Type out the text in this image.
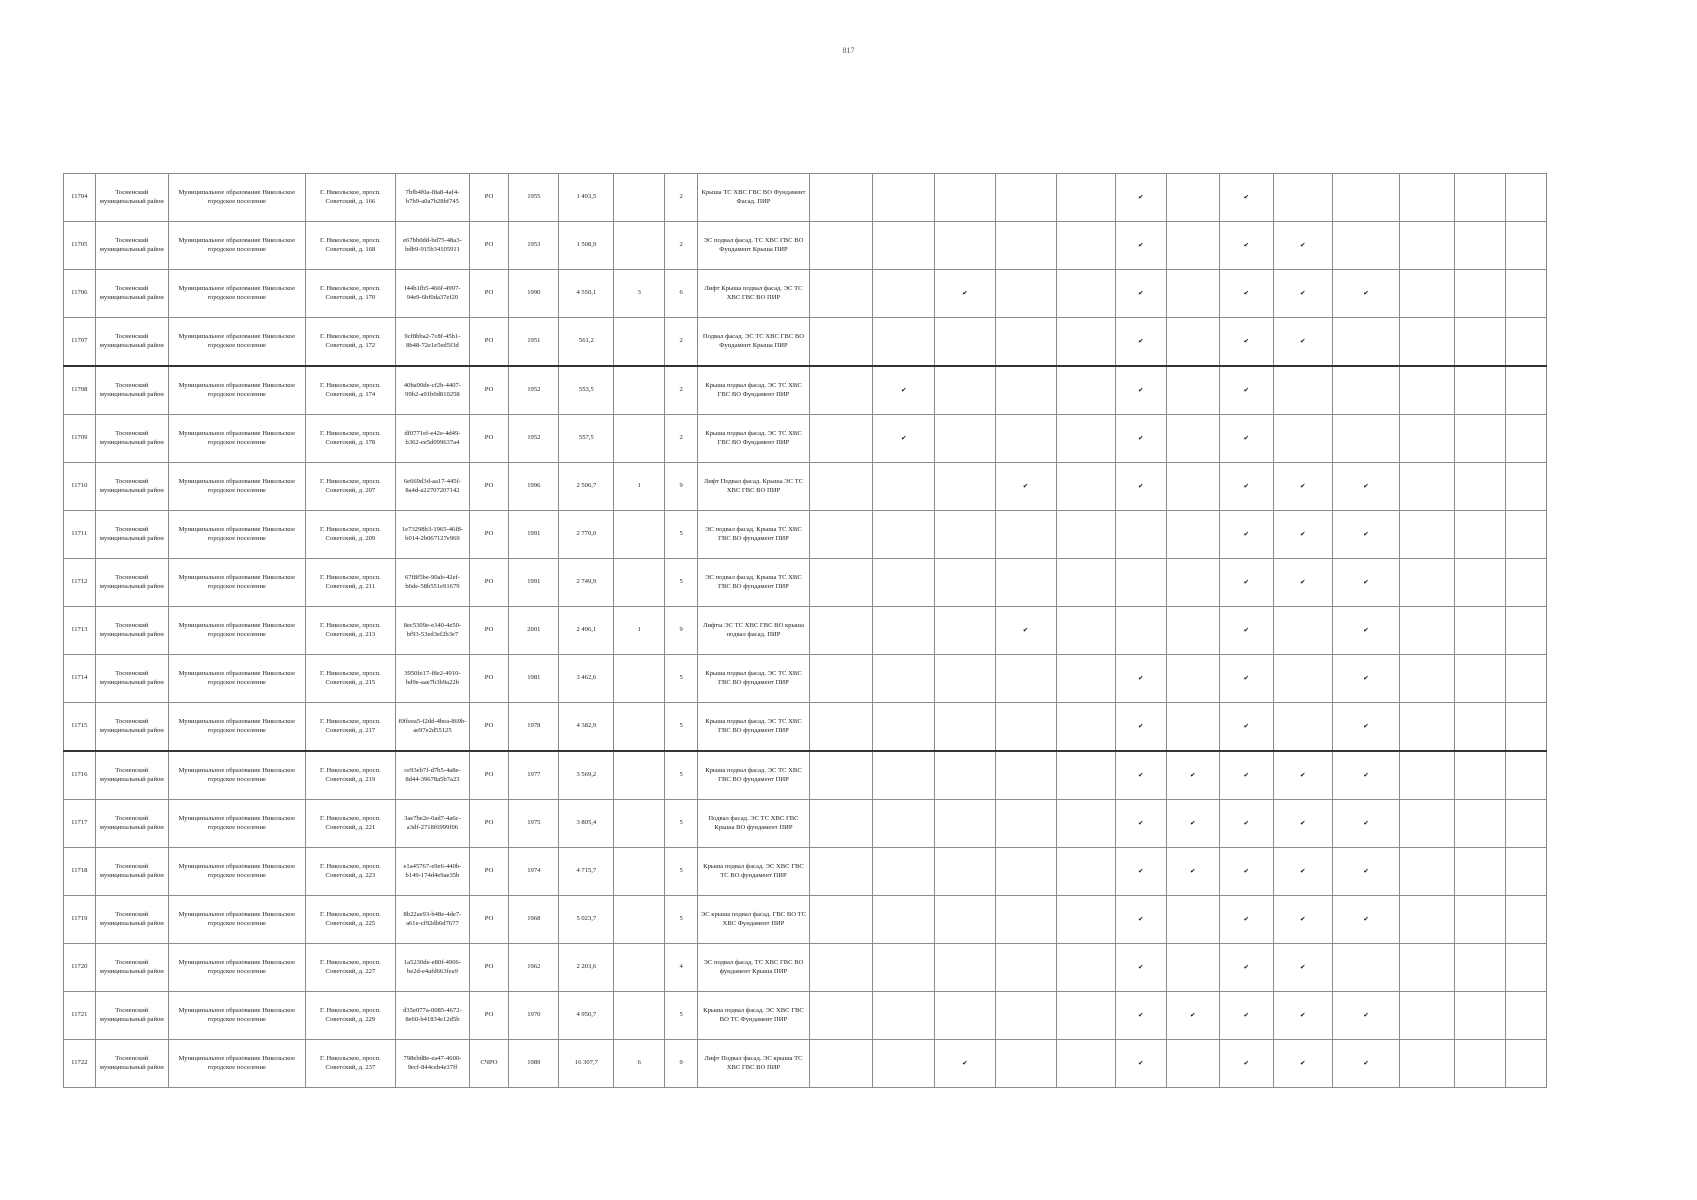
817
11704	Тосненский муниципальный район	Муниципальное образование Никольское городское поселение	Г. Никольское, просп. Советский, д. 166	7bfb4f0a-f8a8-4af4-b7b9-a0a7b28bf745	РО	1955	1 493,5		2	Крыша ТС ХВС ГВС ВО Фундамент Фасад. ПИР						✔		✔					
11705	Тосненский муниципальный район	Муниципальное образование Никольское городское поселение	Г. Никольское, просп. Советский, д. 168	e67bb0dd-bd75-48a3-bdb9-915b34105911	РО	1953	1 508,9		2	ЭС подвал фасад. ТС ХВС ГВС ВО Фундамент Крыша ПИР						✔		✔	✔				
11706	Тосненский муниципальный район	Муниципальное образование Никольское городское поселение	Г. Никольское, просп. Советский, д. 170	f44b1fb5-466f-4997-94e9-6bf0da37ef20	РО	1990	4 550,1	3	6	Лифт Крыша подвал фасад. ЭС ТС ХВС ГВС ВО ПИР			✔			✔		✔	✔	✔			
11707	Тосненский муниципальный район	Муниципальное образование Никольское городское поселение	Г. Никольское, просп. Советский, д. 172	9cf8bba2-7c8f-45b1-8b48-72e1e5ed5f3d	РО	1951	561,2		2	Подвал фасад. ЭС ТС ХВС ГВС ВО Фундамент Крыша ПИР						✔		✔	✔				
11708	Тосненский муниципальный район	Муниципальное образование Никольское городское поселение	Г. Никольское, просп. Советский, д. 174	40ba90de-cf2b-4407-99b2-a91b0d810258	РО	1952	553,5		2	Крыша подвал фасад. ЭС ТС ХВС ГВС ВО Фундамент ПИР		✔				✔		✔					
11709	Тосненский муниципальный район	Муниципальное образование Никольское городское поселение	Г. Никольское, просп. Советский, д. 178	df0771ef-e42e-4d49-b362-ee5d099637a4	РО	1952	557,5		2	Крыша подвал фасад. ЭС ТС ХВС ГВС ВО Фундамент ПИР		✔				✔		✔					
11710	Тосненский муниципальный район	Муниципальное образование Никольское городское поселение	Г. Никольское, просп. Советский, д. 207	6e669d3d-aa17-445f-8a4d-a22707207142	РО	1996	2 506,7	1	9	Лифт Подвал фасад. Крыша ЭС ТС ХВС ГВС ВО ПИР				✔		✔		✔	✔	✔			
11711	Тосненский муниципальный район	Муниципальное образование Никольское городское поселение	Г. Никольское, просп. Советский, д. 209	1e73298b3-1965-46f8-b014-2b067127e969	РО	1991	2 770,0		5	ЭС подвал фасад. Крыша ТС ХВС ГВС ВО фундамент ПИР								✔	✔	✔			
11712	Тосненский муниципальный район	Муниципальное образование Никольское городское поселение	Г. Никольское, просп. Советский, д. 211	67f8f5be-90ab-42ef-b6de-58b551e91679	РО	1991	2 749,9		5	ЭС подвал фасад. Крыша ТС ХВС ГВС ВО фундамент ПИР								✔	✔	✔			
11713	Тосненский муниципальный район	Муниципальное образование Никольское городское поселение	Г. Никольское, просп. Советский, д. 213	8ec5309e-e340-4e50-bf93-53ed3ef2b3e7	РО	2001	2 496,1	1	9	Лифты ЭС ТС ХВС ГВС ВО крыша подвал фасад. ПИР				✔				✔		✔			
11714	Тосненский муниципальный район	Муниципальное образование Никольское городское поселение	Г. Никольское, просп. Советский, д. 215	3950fe17-f8e2-4910-bd9e-aae7b3b9a22b	РО	1981	3 462,6		5	Крыша подвал фасад. ЭС ТС ХВС ГВС ВО фундамент ПИР						✔		✔		✔			
11715	Тосненский муниципальный район	Муниципальное образование Никольское городское поселение	Г. Никольское, просп. Советский, д. 217	f0ffeea5-f2dd-4bea-869b-ae97e2d55125	РО	1978	4 382,9		5	Крыша подвал фасад. ЭС ТС ХВС ГВС ВО фундамент ПИР						✔		✔		✔			
11716	Тосненский муниципальный район	Муниципальное образование Никольское городское поселение	Г. Никольское, просп. Советский, д. 219	ce93eb7f-d7b5-4a8e-8d44-39678a5b7a23	РО	1977	3 569,2		5	Крыша подвал фасад. ЭС ТС ХВС ГВС ВО фундамент ПИР						✔	✔	✔	✔	✔			
11717	Тосненский муниципальный район	Муниципальное образование Никольское городское поселение	Г. Никольское, просп. Советский, д. 221	3ae7be2e-0ad7-4a6c-a3df-2718f6999f06	РО	1975	3 805,4		5	Подвал фасад. ЭС ТС ХВС ГВС Крыша ВО фундамент ПИР						✔	✔	✔	✔	✔			
11718	Тосненский муниципальный район	Муниципальное образование Никольское городское поселение	Г. Никольское, просп. Советский, д. 223	e1a45767-e9e6-440b-b149-174d4e9ae35b	РО	1974	4 715,7		5	Крыша подвал фасад. ЭС ХВС ГВС ТС ВО фундамент ПИР						✔	✔	✔	✔	✔			
11719	Тосненский муниципальный район	Муниципальное образование Никольское городское поселение	Г. Никольское, просп. Советский, д. 225	8b22ae93-b48e-4de7-a61e-cf92db6d7677	РО	1968	5 023,7		5	ЭС крыша подвал фасад. ГВС ВО ТС ХВС Фундамент ПИР						✔		✔	✔	✔			
11720	Тосненский муниципальный район	Муниципальное образование Никольское городское поселение	Г. Никольское, просп. Советский, д. 227	1a5230de-e80f-4906-be2d-e4afd663fea9	РО	1962	2 203,6		4	ЭС подвал фасад. ТС ХВС ГВС ВО фундамент Крыша ПИР						✔		✔	✔				
11721	Тосненский муниципальный район	Муниципальное образование Никольское городское поселение	Г. Никольское, просп. Советский, д. 229	d35e077a-0085-4672-8e60-b41834e12d5b	РО	1970	4 950,7		5	Крыша подвал фасад. ЭС ХВС ГВС ВО ТС Фундамент ПИР						✔	✔	✔	✔	✔			
11722	Тосненский муниципальный район	Муниципальное образование Никольское городское поселение	Г. Никольское, просп. Советский, д. 237	798ebd8e-ea47-4600-9ecf-844ceb4e37ff	СЧРО	1989	16 307,7	6	9	Лифт Подвал фасад. ЭС крыша ТС ХВС ГВС ВО ПИР			✔			✔		✔	✔	✔			
